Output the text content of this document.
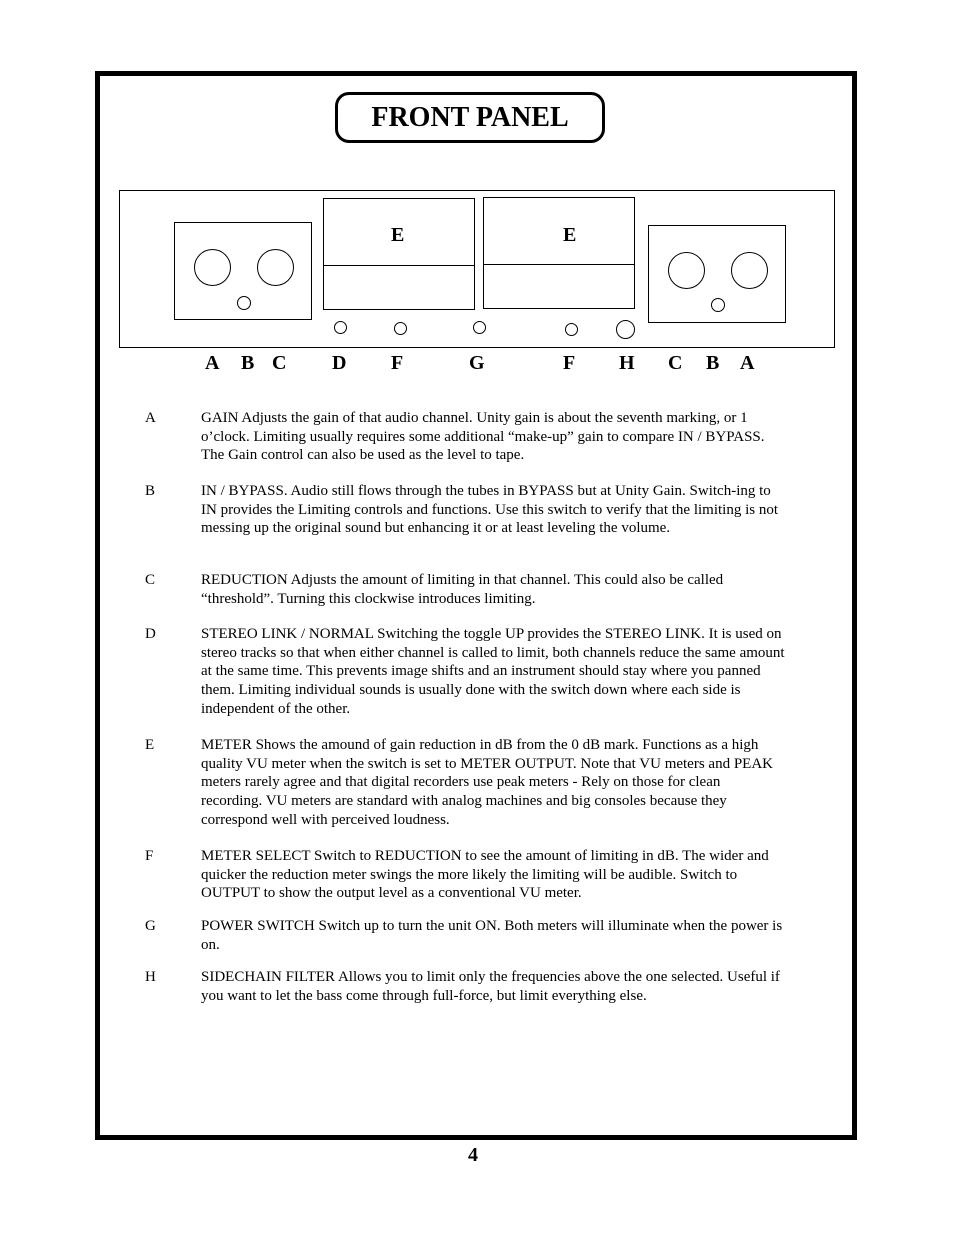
FRONT PANEL
E	E
A B C D F	G	F H C B A
A	GAIN Adjusts the gain of that audio channel. Unity gain is about the seventh marking, or 1 o’clock. Limiting usually requires some additional “make-up” gain to compare IN / BYPASS. The Gain control can also be used as the level to tape.
B	IN / BYPASS. Audio still flows through the tubes in BYPASS but at Unity Gain. Switch-ing to IN provides the Limiting controls and functions. Use this switch to verify that the limiting is not messing up the original sound but enhancing it or at least leveling the volume.
C	REDUCTION Adjusts the amount of limiting in that channel. This could also be called “threshold”. Turning this clockwise introduces limiting.
D	STEREO LINK / NORMAL Switching the toggle UP provides the STEREO LINK. It is used on stereo tracks so that when either channel is called to limit, both channels reduce the same amount at the same time. This prevents image shifts and an instrument should stay where you panned them. Limiting individual sounds is usually done with the switch down where each side is independent of the other.
E	METER Shows the amound of gain reduction in dB from the 0 dB mark. Functions as a high quality VU meter when the switch is set to METER OUTPUT. Note that VU meters and PEAK meters rarely agree and that digital recorders use peak meters - Rely on those for clean recording. VU meters are standard with analog machines and big consoles because they correspond well with perceived loudness.
F	METER SELECT Switch to REDUCTION to see the amount of limiting in dB. The wider and quicker the reduction meter swings the more likely the limiting will be audible. Switch to OUTPUT to show the output level as a conventional VU meter.
G	POWER SWITCH Switch up to turn the unit ON. Both meters will illuminate when the power is on.
H	SIDECHAIN FILTER Allows you to limit only the frequencies above the one selected. Useful if you want to let the bass come through full-force, but limit everything else.
4
